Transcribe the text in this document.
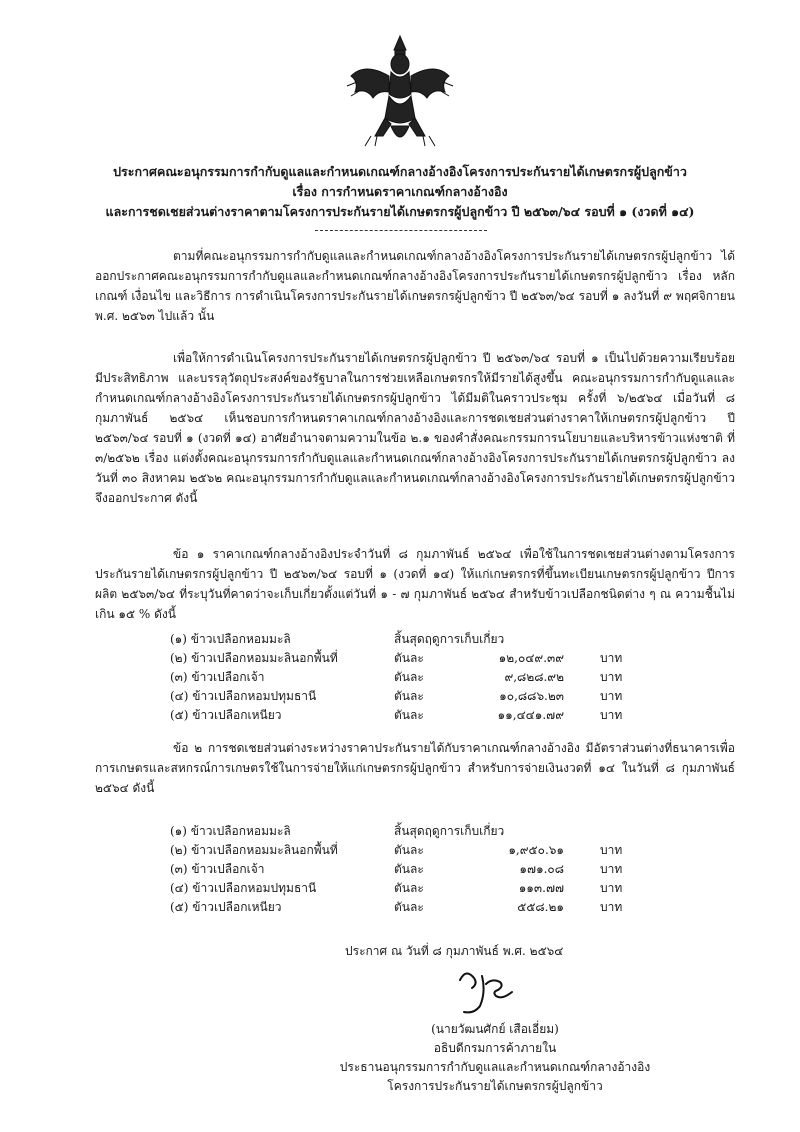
ประกาศคณะอนุกรรมการกำกับดูแลและกำหนดเกณฑ์กลางอ้างอิงโครงการประกันรายได้เกษตรกรผู้ปลูกข้าว
เรื่อง การกำหนดราคาเกณฑ์กลางอ้างอิง
และการชดเชยส่วนต่างราคาตามโครงการประกันรายได้เกษตรกรผู้ปลูกข้าว ปี ๒๕๖๓/๖๔ รอบที่ ๑ (งวดที่ ๑๔)

ตามที่คณะอนุกรรมการกำกับดูแลและกำหนดเกณฑ์กลางอ้างอิงโครงการประกันรายได้เกษตรกรผู้ปลูกข้าว ได้ออกประกาศคณะอนุกรรมการกำกับดูแลและกำหนดเกณฑ์กลางอ้างอิงโครงการประกันรายได้เกษตรกรผู้ปลูกข้าว เรื่อง หลักเกณฑ์ เงื่อนไข และวิธีการ การดำเนินโครงการประกันรายได้เกษตรกรผู้ปลูกข้าว ปี ๒๕๖๓/๖๔ รอบที่ ๑ ลงวันที่ ๙ พฤศจิกายน พ.ศ. ๒๕๖๓ ไปแล้ว นั้น

เพื่อให้การดำเนินโครงการประกันรายได้เกษตรกรผู้ปลูกข้าว ปี ๒๕๖๓/๖๔ รอบที่ ๑ เป็นไปด้วยความเรียบร้อย มีประสิทธิภาพ และบรรลุวัตถุประสงค์ของรัฐบาลในการช่วยเหลือเกษตรกรให้มีรายได้สูงขึ้น คณะอนุกรรมการกำกับดูแลและกำหนดเกณฑ์กลางอ้างอิงโครงการประกันรายได้เกษตรกรผู้ปลูกข้าว ได้มีมติในคราวประชุม ครั้งที่ ๖/๒๕๖๔ เมื่อวันที่ ๘ กุมภาพันธ์ ๒๕๖๔ เห็นชอบการกำหนดราคาเกณฑ์กลางอ้างอิงและการชดเชยส่วนต่างราคาให้เกษตรกรผู้ปลูกข้าว ปี ๒๕๖๓/๖๔ รอบที่ ๑ (งวดที่ ๑๔) อาศัยอำนาจตามความในข้อ ๒.๑ ของคำสั่งคณะกรรมการนโยบายและบริหารข้าวแห่งชาติ ที่ ๓/๒๕๖๒ เรื่อง แต่งตั้งคณะอนุกรรมการกำกับดูแลและกำหนดเกณฑ์กลางอ้างอิงโครงการประกันรายได้เกษตรกรผู้ปลูกข้าว ลงวันที่ ๓๐ สิงหาคม ๒๕๖๒ คณะอนุกรรมการกำกับดูแลและกำหนดเกณฑ์กลางอ้างอิงโครงการประกันรายได้เกษตรกรผู้ปลูกข้าว จึงออกประกาศ ดังนี้

ข้อ ๑ ราคาเกณฑ์กลางอ้างอิงประจำวันที่ ๘ กุมภาพันธ์ ๒๕๖๔ เพื่อใช้ในการชดเชยส่วนต่างตามโครงการประกันรายได้เกษตรกรผู้ปลูกข้าว ปี ๒๕๖๓/๖๔ รอบที่ ๑ (งวดที่ ๑๔) ให้แก่เกษตรกรที่ขึ้นทะเบียนเกษตรกรผู้ปลูกข้าว ปีการผลิต ๒๕๖๓/๖๔ ที่ระบุวันที่คาดว่าจะเก็บเกี่ยวตั้งแต่วันที่ ๑ - ๗ กุมภาพันธ์ ๒๕๖๔ สำหรับข้าวเปลือกชนิดต่าง ๆ ณ ความชื้นไม่เกิน ๑๕ % ดังนี้

(๑) ข้าวเปลือกหอมมะลิ	สิ้นสุดฤดูการเก็บเกี่ยว
(๒) ข้าวเปลือกหอมมะลินอกพื้นที่	ตันละ	๑๒,๐๔๙.๓๙	บาท
(๓) ข้าวเปลือกเจ้า	ตันละ	๙,๘๒๘.๙๒	บาท
(๔) ข้าวเปลือกหอมปทุมธานี	ตันละ	๑๐,๘๘๖.๒๓	บาท
(๕) ข้าวเปลือกเหนียว	ตันละ	๑๑,๔๔๑.๗๙	บาท

ข้อ ๒ การชดเชยส่วนต่างระหว่างราคาประกันรายได้กับราคาเกณฑ์กลางอ้างอิง มีอัตราส่วนต่างที่ธนาคารเพื่อการเกษตรและสหกรณ์การเกษตรใช้ในการจ่ายให้แก่เกษตรกรผู้ปลูกข้าว สำหรับการจ่ายเงินงวดที่ ๑๔ ในวันที่ ๘ กุมภาพันธ์ ๒๕๖๔ ดังนี้

(๑) ข้าวเปลือกหอมมะลิ	สิ้นสุดฤดูการเก็บเกี่ยว
(๒) ข้าวเปลือกหอมมะลินอกพื้นที่	ตันละ	๑,๙๕๐.๖๑	บาท
(๓) ข้าวเปลือกเจ้า	ตันละ	๑๗๑.๐๘	บาท
(๔) ข้าวเปลือกหอมปทุมธานี	ตันละ	๑๑๓.๗๗	บาท
(๕) ข้าวเปลือกเหนียว	ตันละ	๕๕๘.๒๑	บาท
ประกาศ ณ วันที่ ๘ กุมภาพันธ์ พ.ศ. ๒๕๖๔
(นายวัฒนศักย์ เสือเอี่ยม)
อธิบดีกรมการค้าภายใน
ประธานอนุกรรมการกำกับดูแลและกำหนดเกณฑ์กลางอ้างอิง
โครงการประกันรายได้เกษตรกรผู้ปลูกข้าว
